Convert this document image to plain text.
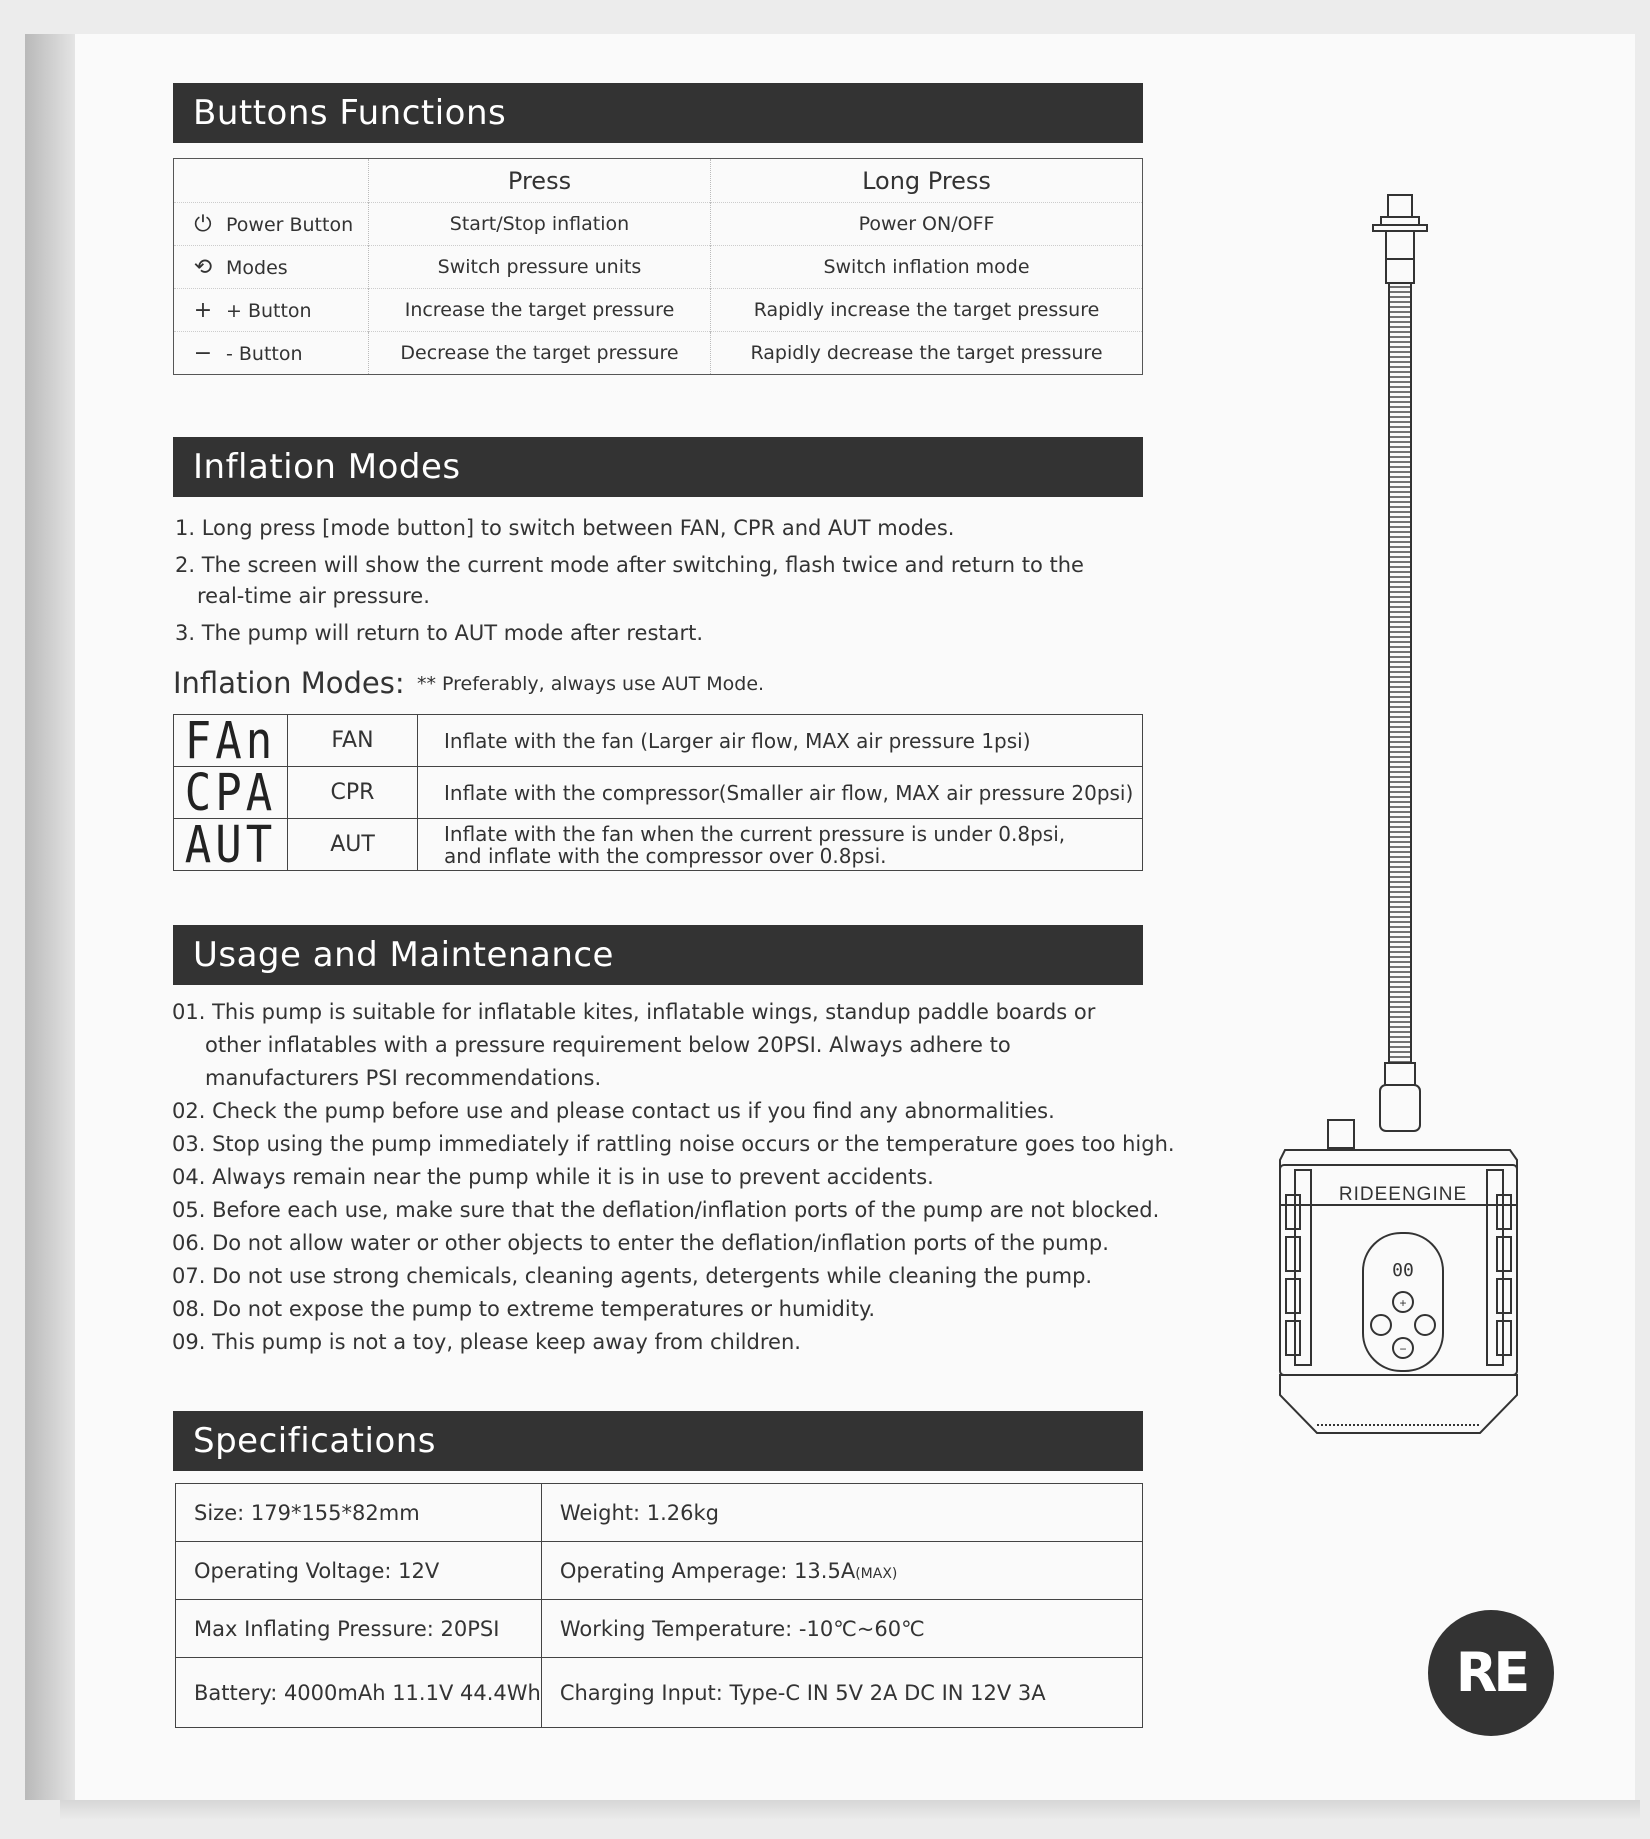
Buttons Functions
	Press	Long Press
⏻ Power Button	Start/Stop inflation	Power ON/OFF
⟲ Modes	Switch pressure units	Switch inflation mode
+ + Button	Increase the target pressure	Rapidly increase the target pressure
− - Button	Decrease the target pressure	Rapidly decrease the target pressure
Inflation Modes
1. Long press [mode button] to switch between FAN, CPR and AUT modes.
2. The screen will show the current mode after switching, flash twice and return to the
real-time air pressure.
3. The pump will return to AUT mode after restart.
Inflation Modes: ** Preferably, always use AUT Mode.
FAn	FAN	Inflate with the fan (Larger air flow, MAX air pressure 1psi)
CPA	CPR	Inflate with the compressor(Smaller air flow, MAX air pressure 20psi)
AUT	AUT	Inflate with the fan when the current pressure is under 0.8psi,
and inflate with the compressor over 0.8psi.
Usage and Maintenance
01. This pump is suitable for inflatable kites, inflatable wings, standup paddle boards or
other inflatables with a pressure requirement below 20PSI. Always adhere to
manufacturers PSI recommendations.
02. Check the pump before use and please contact us if you find any abnormalities.
03. Stop using the pump immediately if rattling noise occurs or the temperature goes too high.
04. Always remain near the pump while it is in use to prevent accidents.
05. Before each use, make sure that the deflation/inflation ports of the pump are not blocked.
06. Do not allow water or other objects to enter the deflation/inflation ports of the pump.
07. Do not use strong chemicals, cleaning agents, detergents while cleaning the pump.
08. Do not expose the pump to extreme temperatures or humidity.
09. This pump is not a toy, please keep away from children.
Specifications
Size: 179*155*82mm	Weight: 1.26kg
Operating Voltage: 12V	Operating Amperage: 13.5A(MAX)
Max Inflating Pressure: 20PSI	Working Temperature: -10℃~60℃
Battery: 4000mAh 11.1V 44.4Wh	Charging Input: Type-C IN 5V 2A DC IN 12V 3A
RIDEENGINE
00
+
−
RE
